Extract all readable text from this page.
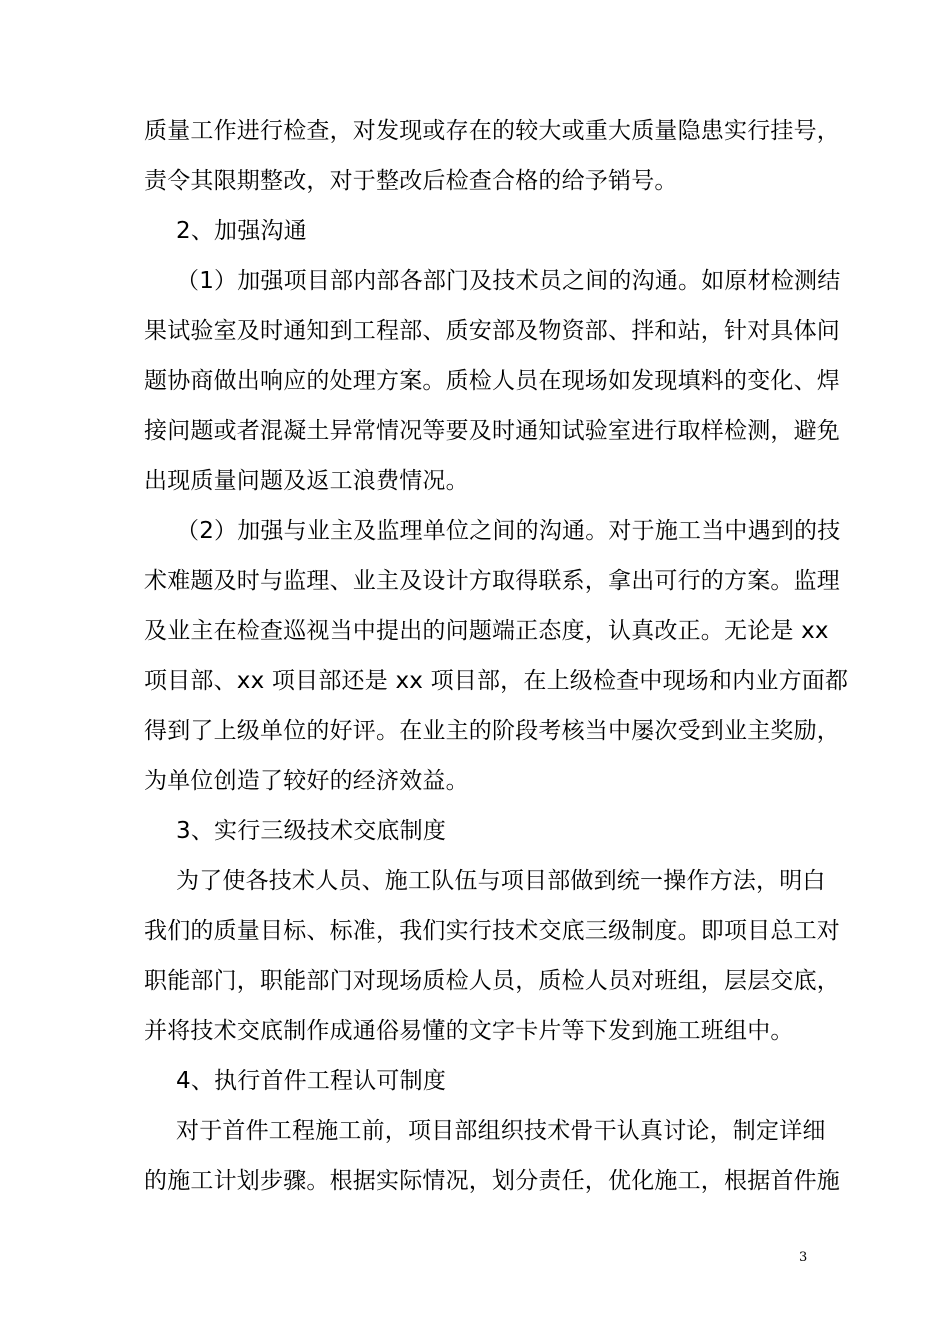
质量工作进行检查，对发现或存在的较大或重大质量隐患实行挂号，
责令其限期整改，对于整改后检查合格的给予销号。
2、加强沟通
（1）加强项目部内部各部门及技术员之间的沟通。如原材检测结
果试验室及时通知到工程部、质安部及物资部、拌和站，针对具体问
题协商做出响应的处理方案。质检人员在现场如发现填料的变化、焊
接问题或者混凝土异常情况等要及时通知试验室进行取样检测，避免
出现质量问题及返工浪费情况。
（2）加强与业主及监理单位之间的沟通。对于施工当中遇到的技
术难题及时与监理、业主及设计方取得联系，拿出可行的方案。监理
及业主在检查巡视当中提出的问题端正态度，认真改正。无论是 xx
项目部、xx 项目部还是 xx 项目部，在上级检查中现场和内业方面都
得到了上级单位的好评。在业主的阶段考核当中屡次受到业主奖励，
为单位创造了较好的经济效益。
3、实行三级技术交底制度
为了使各技术人员、施工队伍与项目部做到统一操作方法，明白
我们的质量目标、标准，我们实行技术交底三级制度。即项目总工对
职能部门，职能部门对现场质检人员，质检人员对班组，层层交底，
并将技术交底制作成通俗易懂的文字卡片等下发到施工班组中。
4、执行首件工程认可制度
对于首件工程施工前，项目部组织技术骨干认真讨论，制定详细
的施工计划步骤。根据实际情况，划分责任，优化施工，根据首件施
3
